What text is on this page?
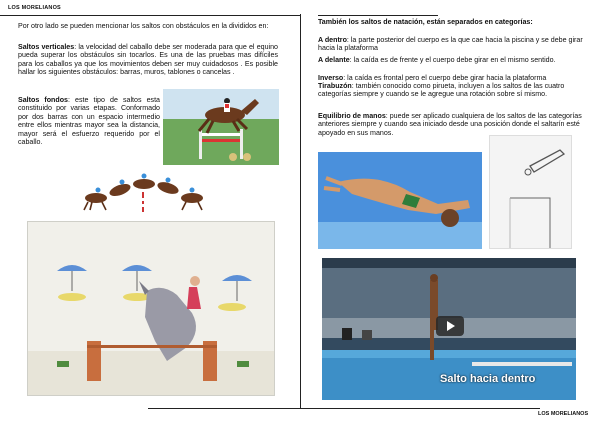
LOS MORELIANOS
Por otro lado se pueden mencionar los saltos con obstáculos en la divididos en:
Saltos verticales: la velocidad del caballo debe ser moderada para que el equino pueda superar los obstáculos sin tocarlos. Es una de las pruebas mas difíciles para los caballos ya que los movimientos deben ser muy cuidadosos . Es posible hallar los siguientes obstáculos: barras, muros, tablones o cancelas .
Saltos fondos: este tipo de saltos esta constituido por varias etapas. Conformado por dos barras con un espacio intermedio entre ellos mientras mayor sea la distancia, mayor será el esfuerzo requerido por el caballo.
También los saltos de natación, están separados en categorías:
A dentro: la parte posterior del cuerpo es la que cae hacia la piscina y se debe girar hacia la plataforma
A delante: la caída es de frente y el cuerpo debe girar en el mismo sentido.
Inverso: la caída es frontal pero el cuerpo debe girar hacia la plataforma
Tirabuzón: también conocido como pirueta, incluyen a los saltos de las cuatro categorías siempre y cuando se le agregue una rotación sobre sí mismo.
Equilibrio de manos: puede ser aplicado cualquiera de los saltos de las categorías anteriores siempre y cuando sea iniciado desde una posición donde el saltarín esté apoyado en sus manos.
Salto hacia dentro
LOS MORELIANOS
